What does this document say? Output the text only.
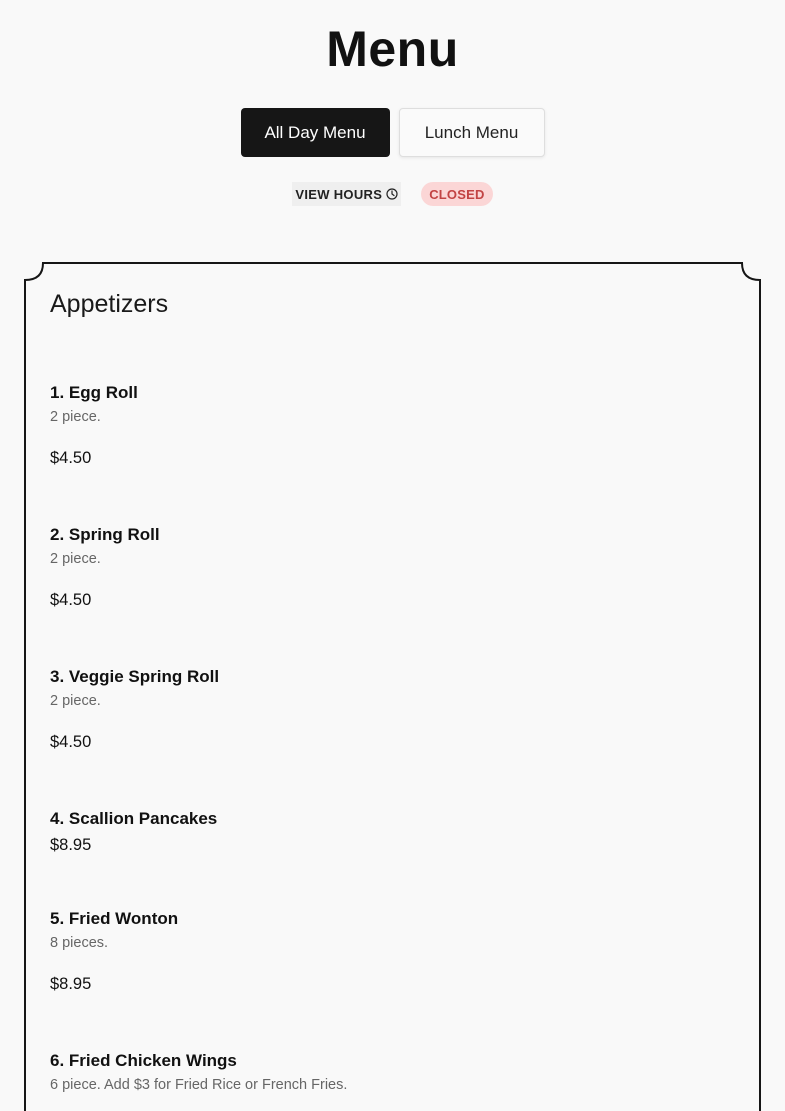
Menu
All Day Menu	Lunch Menu
VIEW HOURS	CLOSED
Appetizers
1. Egg Roll
2 piece.
$4.50
2. Spring Roll
2 piece.
$4.50
3. Veggie Spring Roll
2 piece.
$4.50
4. Scallion Pancakes
$8.95
5. Fried Wonton
8 pieces.
$8.95
6. Fried Chicken Wings
6 piece. Add $3 for Fried Rice or French Fries.
